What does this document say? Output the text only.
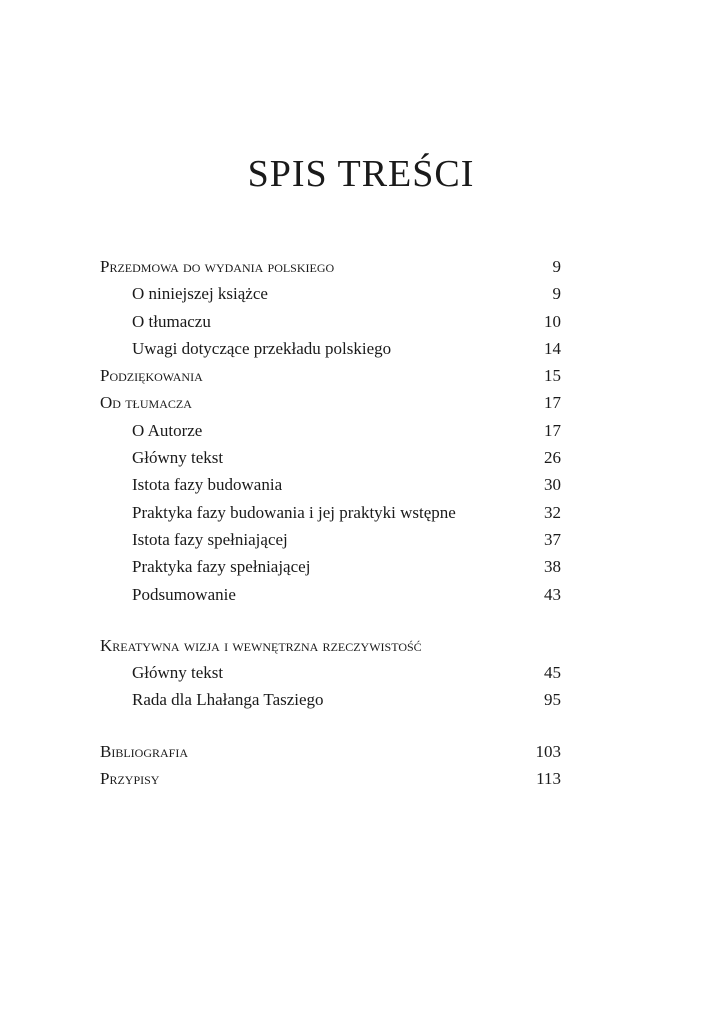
SPIS TREŚCI
Przedmowa do wydania polskiego	9
O niniejszej książce	9
O tłumaczu	10
Uwagi dotyczące przekładu polskiego	14
Podziękowania	15
Od tłumacza	17
O Autorze	17
Główny tekst	26
Istota fazy budowania	30
Praktyka fazy budowania i jej praktyki wstępne	32
Istota fazy spełniającej	37
Praktyka fazy spełniającej	38
Podsumowanie	43
Kreatywna wizja i wewnętrzna rzeczywistość
Główny tekst	45
Rada dla Lhałanga Tasziego	95
Bibliografia	103
Przypisy	113
